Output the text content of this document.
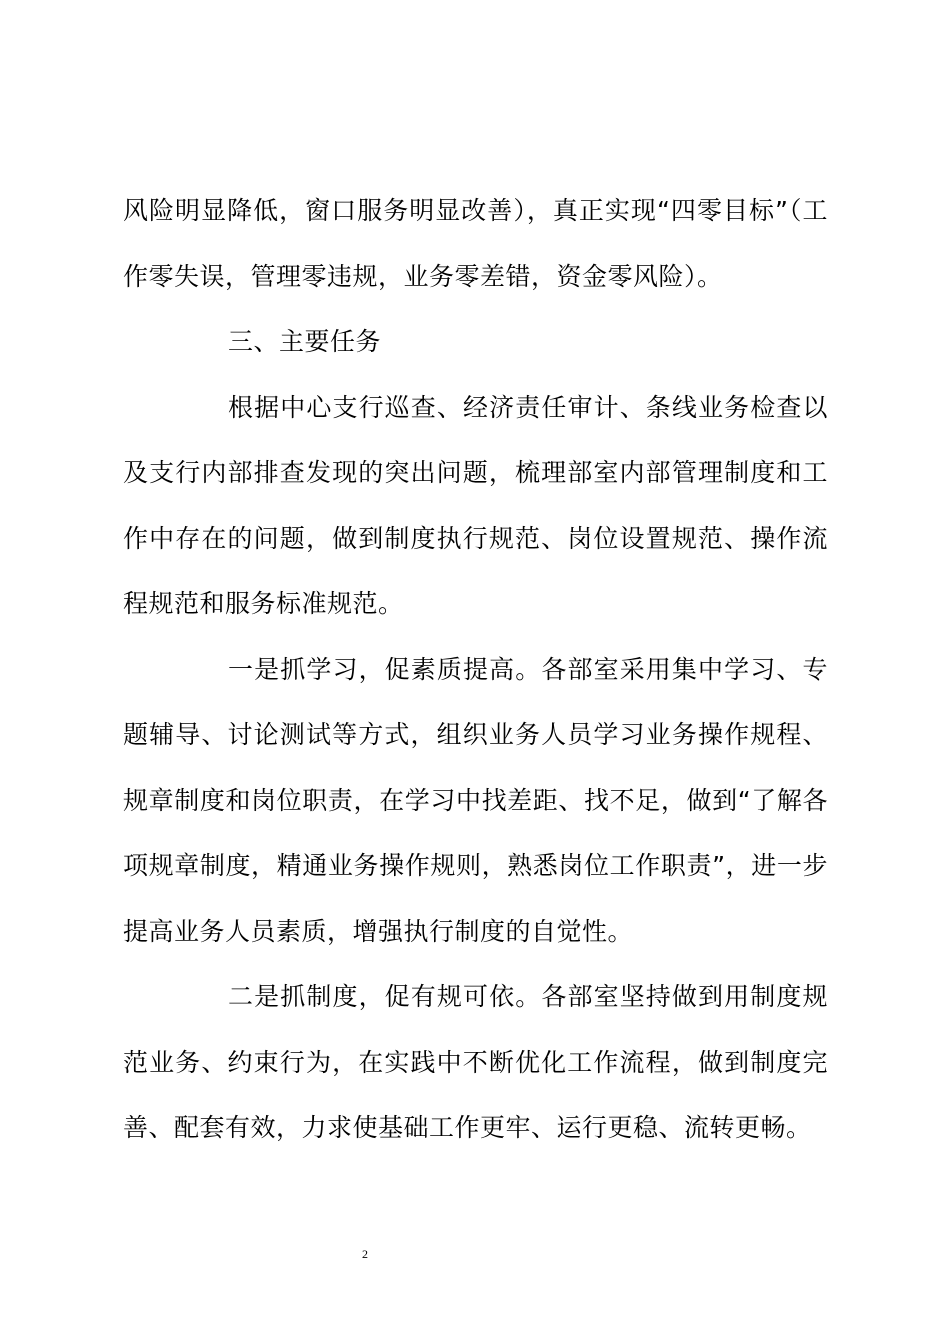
风险明显降低，窗口服务明显改善），真正实现“四零目标”（工作零失误，管理零违规，业务零差错，资金零风险）。

三、主要任务

根据中心支行巡查、经济责任审计、条线业务检查以及支行内部排查发现的突出问题，梳理部室内部管理制度和工作中存在的问题，做到制度执行规范、岗位设置规范、操作流程规范和服务标准规范。

一是抓学习，促素质提高。各部室采用集中学习、专题辅导、讨论测试等方式，组织业务人员学习业务操作规程、规章制度和岗位职责，在学习中找差距、找不足，做到“了解各项规章制度，精通业务操作规则，熟悉岗位工作职责”，进一步提高业务人员素质，增强执行制度的自觉性。

二是抓制度，促有规可依。各部室坚持做到用制度规范业务、约束行为，在实践中不断优化工作流程，做到制度完善、配套有效，力求使基础工作更牢、运行更稳、流转更畅。

2
